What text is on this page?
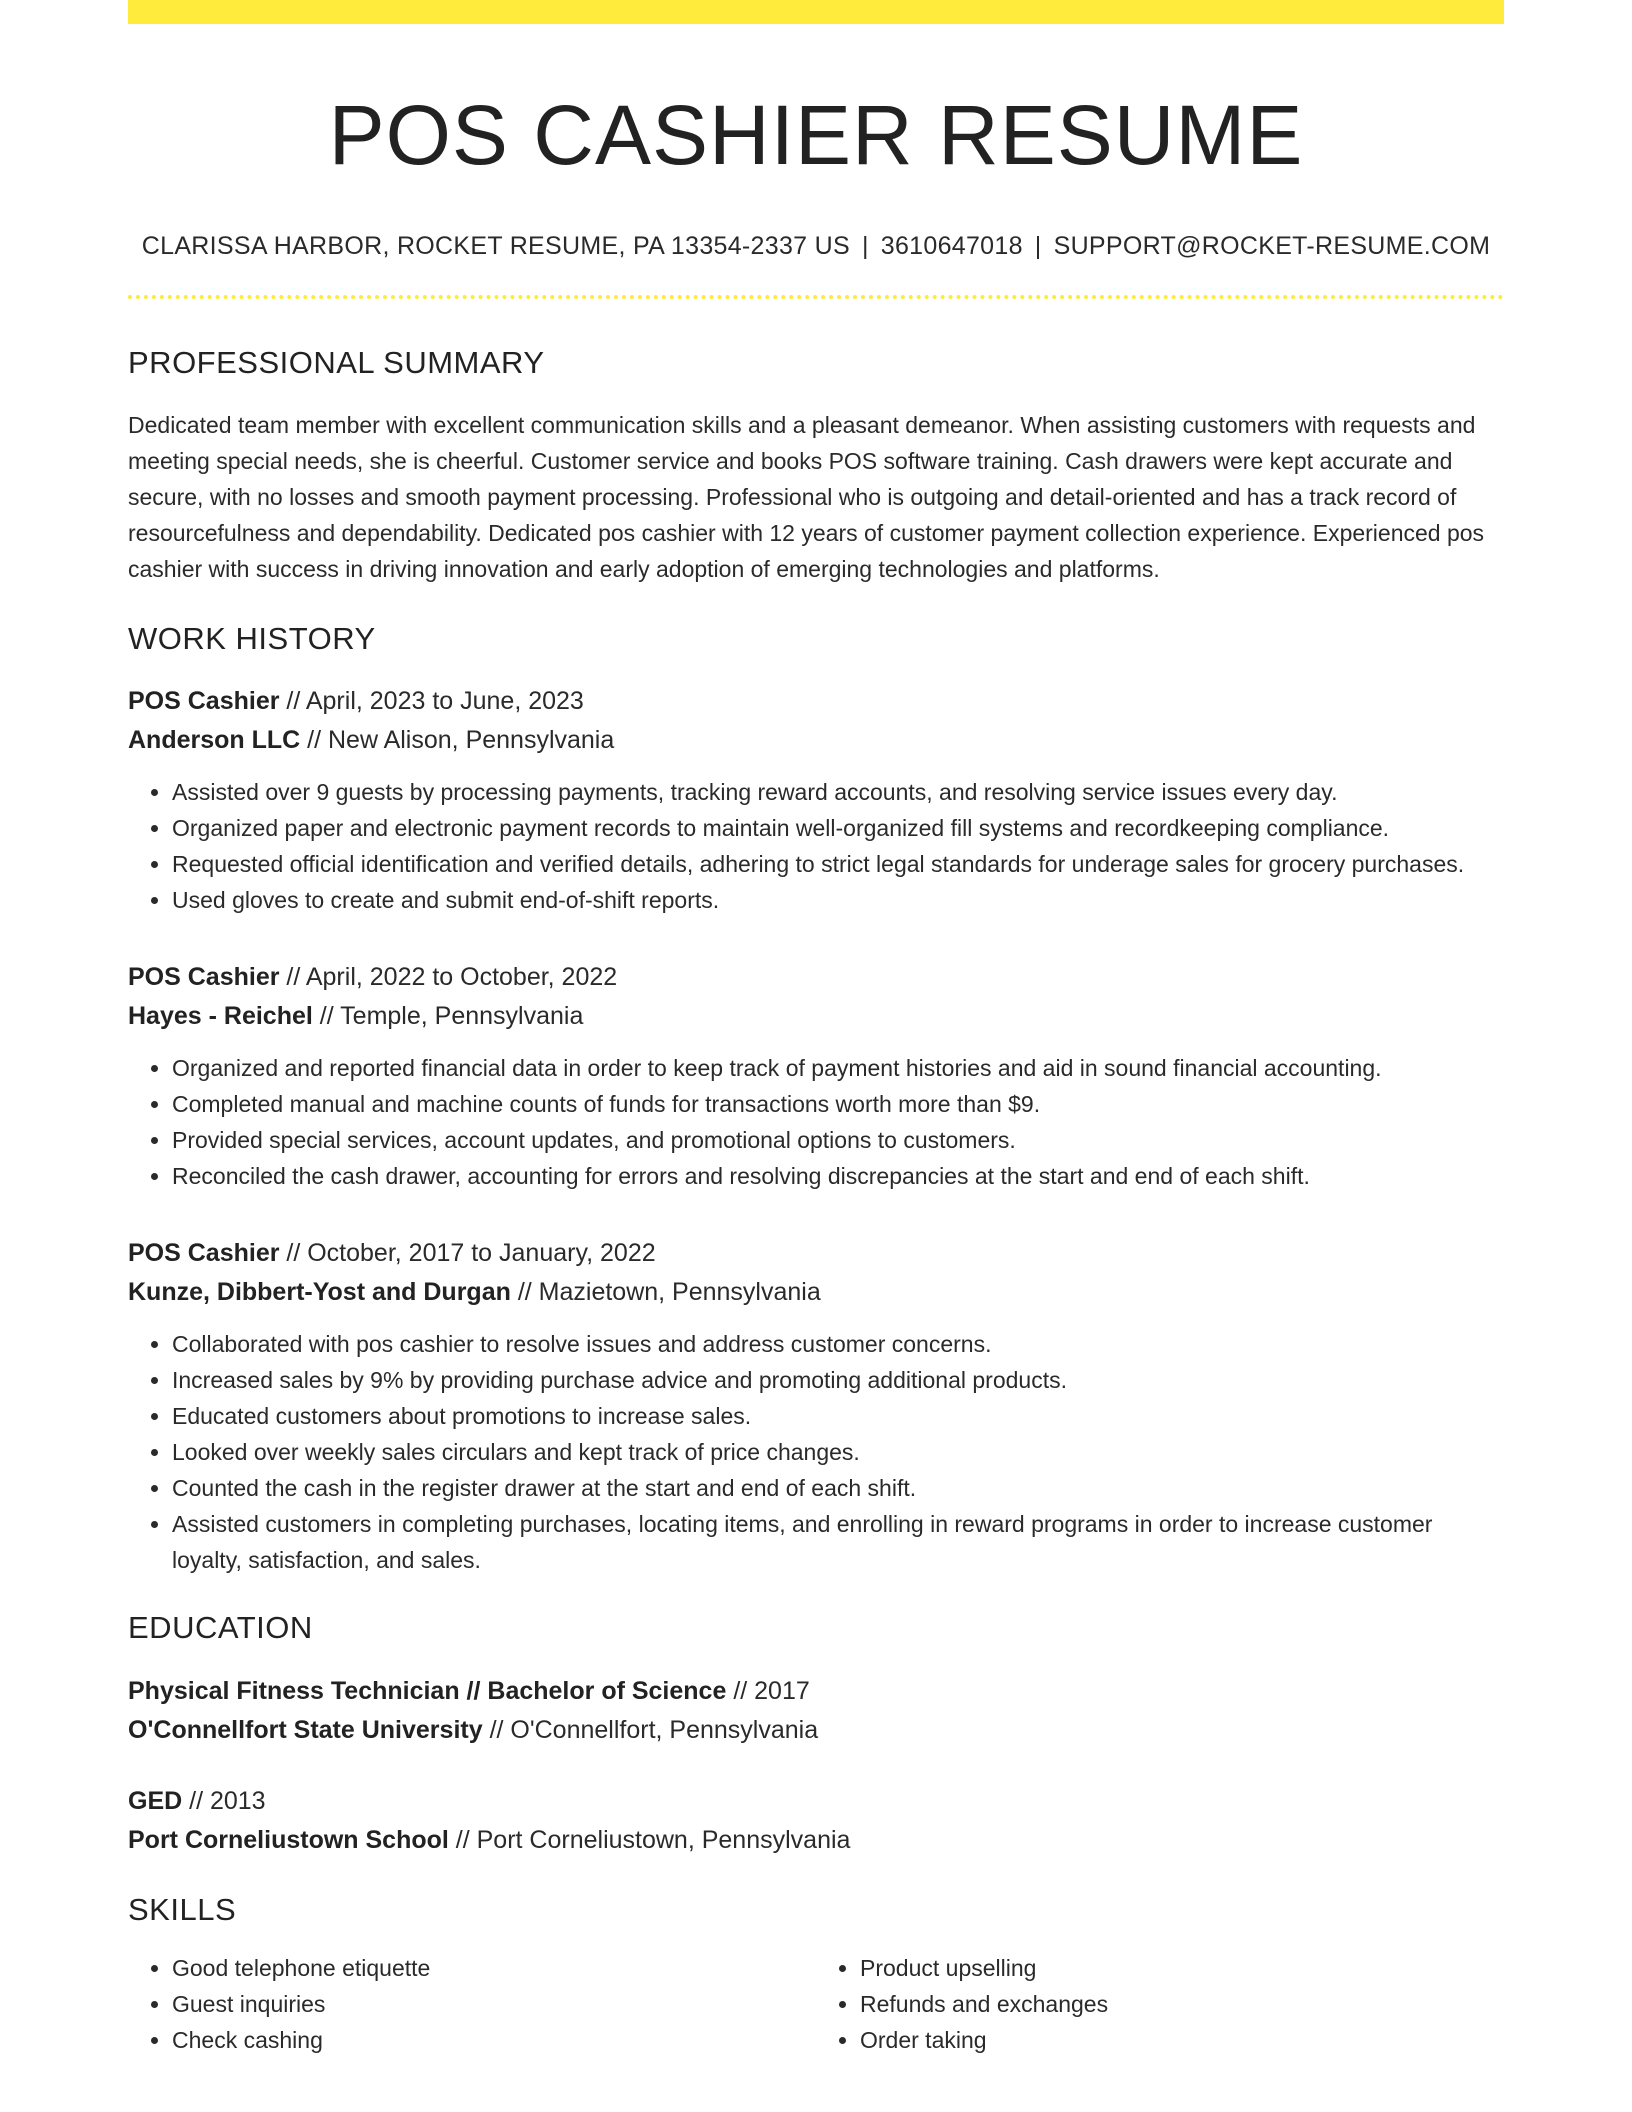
POS CASHIER RESUME
CLARISSA HARBOR, ROCKET RESUME, PA 13354-2337 US | 3610647018 | SUPPORT@ROCKET-RESUME.COM
PROFESSIONAL SUMMARY

Dedicated team member with excellent communication skills and a pleasant demeanor. When assisting customers with requests and meeting special needs, she is cheerful. Customer service and books POS software training. Cash drawers were kept accurate and secure, with no losses and smooth payment processing. Professional who is outgoing and detail-oriented and has a track record of resourcefulness and dependability. Dedicated pos cashier with 12 years of customer payment collection experience. Experienced pos cashier with success in driving innovation and early adoption of emerging technologies and platforms.

WORK HISTORY
POS Cashier // April, 2023 to June, 2023
Anderson LLC // New Alison, Pennsylvania
• Assisted over 9 guests by processing payments, tracking reward accounts, and resolving service issues every day.
• Organized paper and electronic payment records to maintain well-organized fill systems and recordkeeping compliance.
• Requested official identification and verified details, adhering to strict legal standards for underage sales for grocery purchases.
• Used gloves to create and submit end-of-shift reports.
POS Cashier // April, 2022 to October, 2022
Hayes - Reichel // Temple, Pennsylvania
• Organized and reported financial data in order to keep track of payment histories and aid in sound financial accounting.
• Completed manual and machine counts of funds for transactions worth more than $9.
• Provided special services, account updates, and promotional options to customers.
• Reconciled the cash drawer, accounting for errors and resolving discrepancies at the start and end of each shift.
POS Cashier // October, 2017 to January, 2022
Kunze, Dibbert-Yost and Durgan // Mazietown, Pennsylvania
• Collaborated with pos cashier to resolve issues and address customer concerns.
• Increased sales by 9% by providing purchase advice and promoting additional products.
• Educated customers about promotions to increase sales.
• Looked over weekly sales circulars and kept track of price changes.
• Counted the cash in the register drawer at the start and end of each shift.
• Assisted customers in completing purchases, locating items, and enrolling in reward programs in order to increase customer loyalty, satisfaction, and sales.
EDUCATION
Physical Fitness Technician // Bachelor of Science // 2017
O'Connellfort State University // O'Connellfort, Pennsylvania
GED // 2013
Port Corneliustown School // Port Corneliustown, Pennsylvania
SKILLS
• Good telephone etiquette
• Guest inquiries
• Check cashing
• Product upselling
• Refunds and exchanges
• Order taking
